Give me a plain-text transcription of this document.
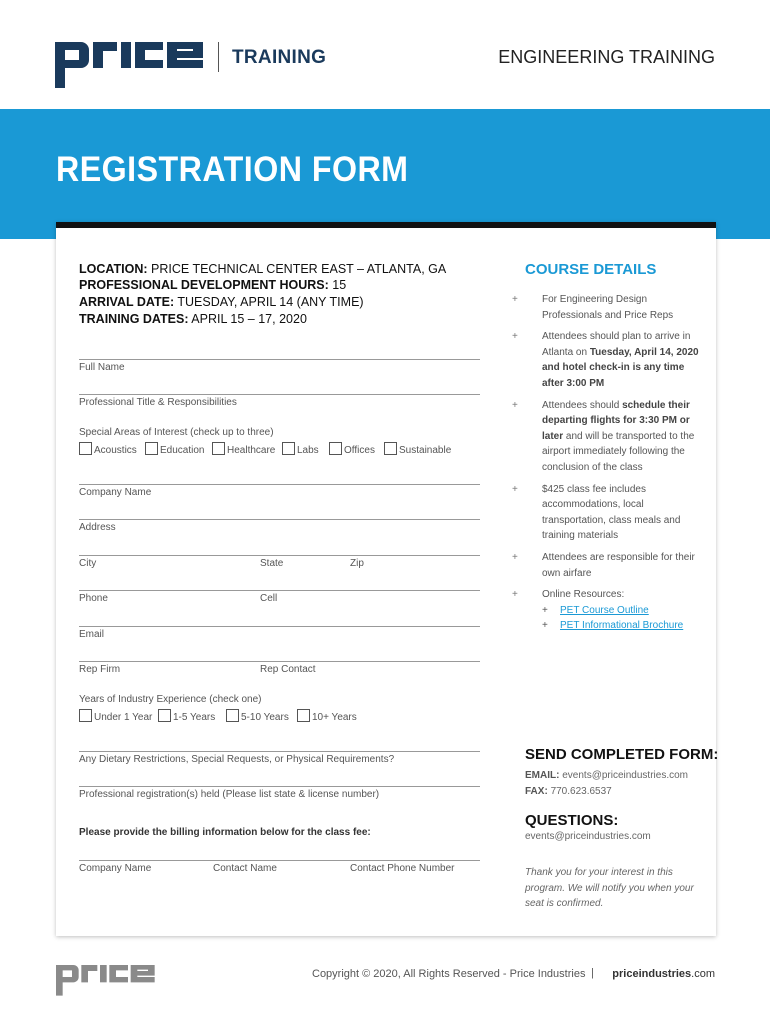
price
TRAINING	ENGINEERING TRAINING
REGISTRATION FORM
LOCATION: PRICE TECHNICAL CENTER EAST – ATLANTA, GA
PROFESSIONAL DEVELOPMENT HOURS: 15
ARRIVAL DATE: TUESDAY, APRIL 14 (ANY TIME)
TRAINING DATES: APRIL 15 – 17, 2020
Full Name
Professional Title & Responsibilities
Special Areas of Interest (check up to three)
Acoustics	Education	Healthcare	Labs	Offices	Sustainable
Company Name
Address
City	State	Zip
Phone	Cell
Email
Rep Firm	Rep Contact
Years of Industry Experience (check one)
Under 1 Year	1-5 Years	5-10 Years	10+ Years
Any Dietary Restrictions, Special Requests, or Physical Requirements?
Professional registration(s) held (Please list state & license number)
Please provide the billing information below for the class fee:
Company Name	Contact Name	Contact Phone Number
COURSE DETAILS
+ For Engineering Design Professionals and Price Reps
+ Attendees should plan to arrive in Atlanta on Tuesday, April 14, 2020 and hotel check-in is any time after 3:00 PM
+ Attendees should schedule their departing flights for 3:30 PM or later and will be transported to the airport immediately following the conclusion of the class
+ $425 class fee includes accommodations, local transportation, class meals and training materials
+ Attendees are responsible for their own airfare
+ Online Resources:
+ PET Course Outline
+ PET Informational Brochure
SEND COMPLETED FORM:
EMAIL: events@priceindustries.com
FAX: 770.623.6537
QUESTIONS:
events@priceindustries.com
Thank you for your interest in this program. We will notify you when your seat is confirmed.
price
Copyright © 2020, All Rights Reserved - Price Industries | priceindustries.com
